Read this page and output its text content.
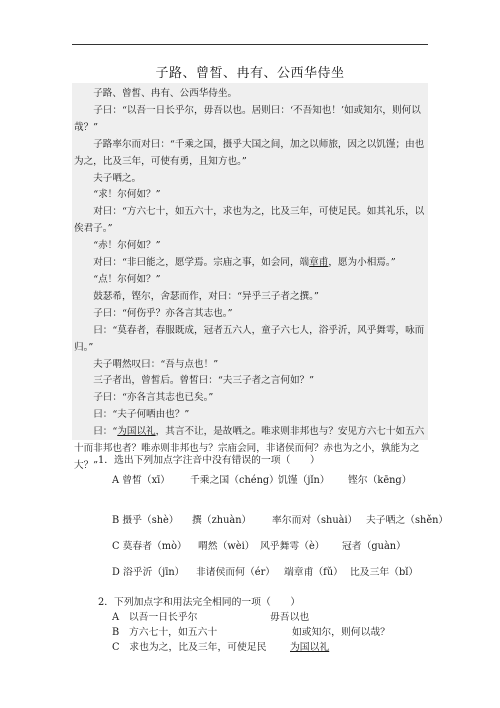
子路、曾皙、冉有、公西华侍坐

子路、曾皙、冉有、公西华侍坐。

子曰：“以吾一日长乎尔，毋吾以也。居则曰：‘不吾知也！’如或知尔，则何以哉？”

子路率尔而对曰：“千乘之国，摄乎大国之间，加之以师旅，因之以饥馑；由也为之，比及三年，可使有勇，且知方也。”

夫子哂之。

“求！尔何如？”

对曰：“方六七十，如五六十，求也为之，比及三年，可使足民。如其礼乐，以俟君子。”

“赤！尔何如？”

对曰：“非曰能之，愿学焉。宗庙之事，如会同，端章甫，愿为小相焉。”

“点！尔何如？”

鼓瑟希，铿尔，舍瑟而作，对曰：“异乎三子者之撰。”

子曰：“何伤乎？亦各言其志也。”

曰：“莫春者，春服既成，冠者五六人，童子六七人，浴乎沂，风乎舞雩，咏而归。”

夫子喟然叹曰：“吾与点也！”

三子者出，曾皙后。曾皙曰：“夫三子者之言何如？”

子曰：“亦各言其志也已矣。”

曰：“夫子何哂由也？”

曰：“为国以礼，其言不让，是故哂之。唯求则非邦也与？安见方六七十如五六十而非邦也者？唯赤则非邦也与？宗庙会同，非诸侯而何？赤也为之小，孰能为之大？” 1．选出下列加点字注音中没有错误的一项（　　）
A 曾皙（xī） 千乘之国（chéng）饥馑（jǐn） 铿尔（kēng）
B 摄乎（shè） 撰（zhuàn） 率尔而对（shuài） 夫子哂之（shěn）
C 莫春者（mò） 喟然（wèi） 风乎舞雩（è） 冠者（guàn）
D 浴乎沂（jīn） 非诸侯而何（ér） 端章甫（fǔ） 比及三年（bǐ）
2．下列加点字和用法完全相同的一项（　　）
A　以吾一日长乎尔	毋吾以也
B　方六七十，如五六十	如或知尔，则何以哉？
C　求也为之，比及三年，可使足民 为国以礼
